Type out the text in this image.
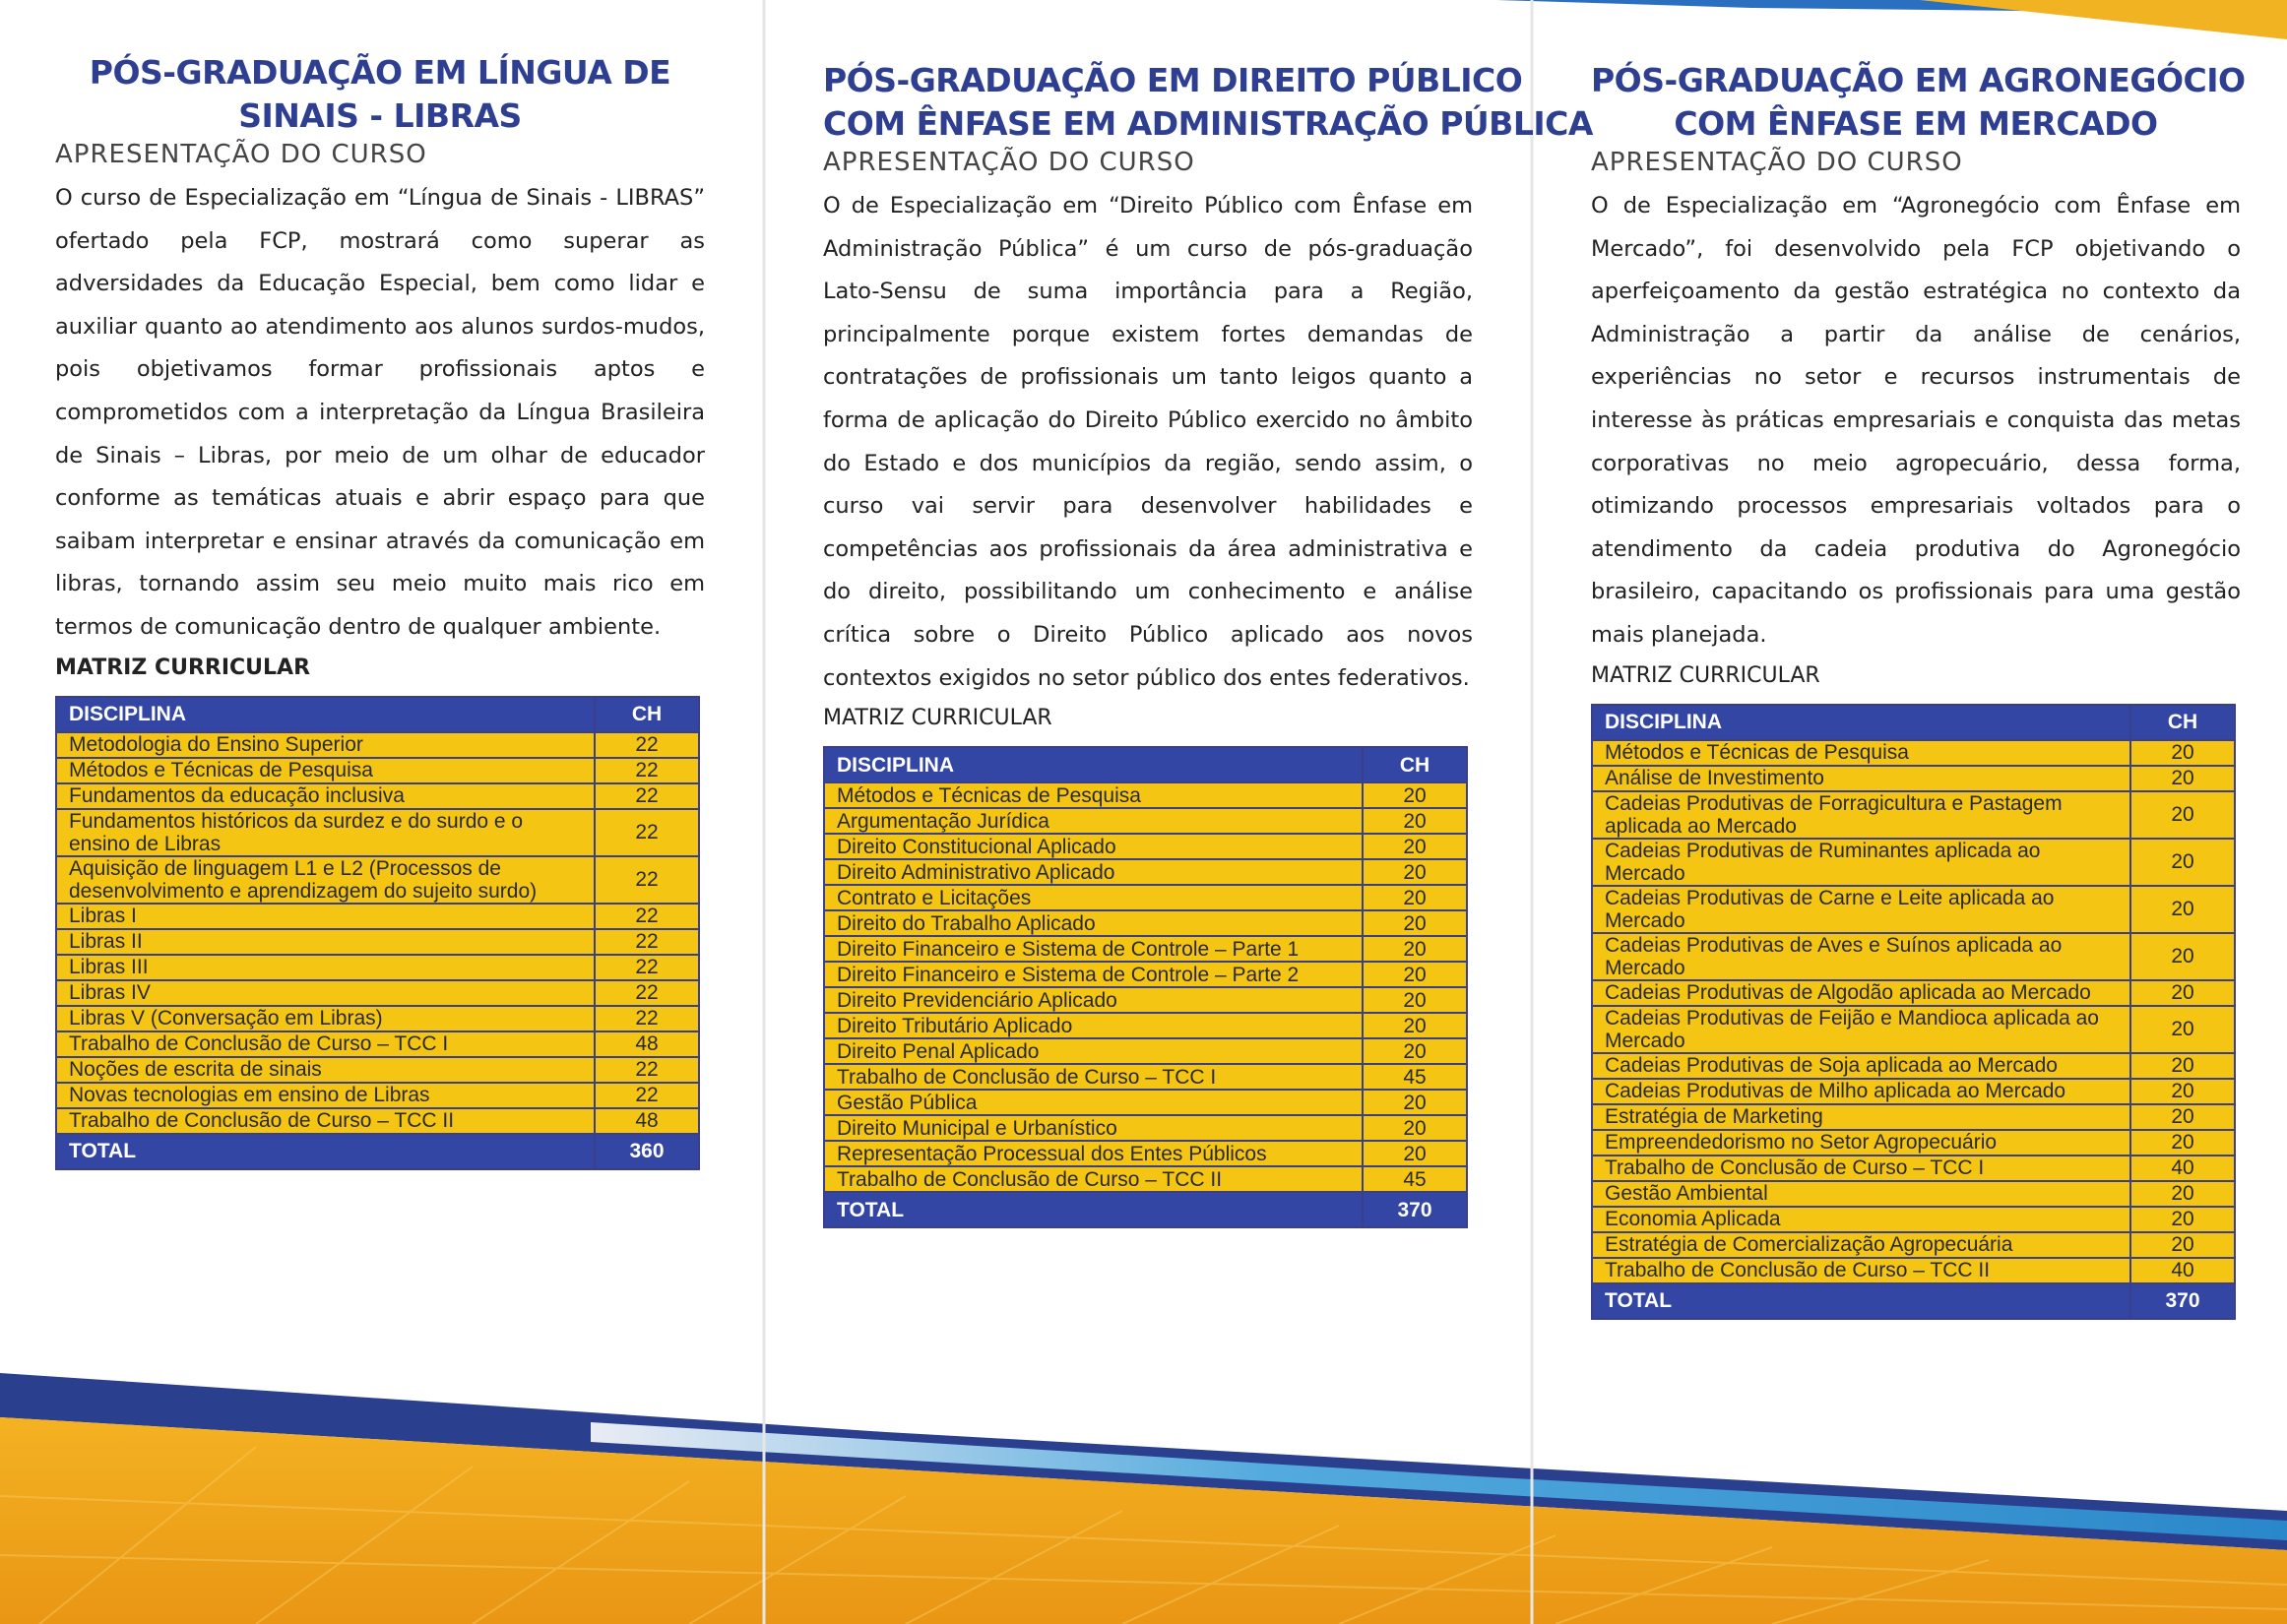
PÓS-GRADUAÇÃO EM LÍNGUA DE
SINAIS - LIBRAS
APRESENTAÇÃO DO CURSO

O curso de Especialização em “Língua de Sinais - LIBRAS” ofertado pela FCP, mostrará como superar as adversidades da Educação Especial, bem como lidar e auxiliar quanto ao atendimento aos alunos surdos-mudos, pois objetivamos formar profissionais aptos e comprometidos com a interpretação da Língua Brasileira de Sinais – Libras, por meio de um olhar de educador conforme as temáticas atuais e abrir espaço para que saibam interpretar e ensinar através da comunicação em libras, tornando assim seu meio muito mais rico em termos de comunicação dentro de qualquer ambiente.

MATRIZ CURRICULAR
DISCIPLINA	CH
Metodologia do Ensino Superior	22
Métodos e Técnicas de Pesquisa	22
Fundamentos da educação inclusiva	22
Fundamentos históricos da surdez e do surdo e o ensino de Libras	22
Aquisição de linguagem L1 e L2 (Processos de desenvolvimento e aprendizagem do sujeito surdo)	22
Libras I	22
Libras II	22
Libras III	22
Libras IV	22
Libras V (Conversação em Libras)	22
Trabalho de Conclusão de Curso – TCC I	48
Noções de escrita de sinais	22
Novas tecnologias em ensino de Libras	22
Trabalho de Conclusão de Curso – TCC II	48
TOTAL	360
PÓS-GRADUAÇÃO EM DIREITO PÚBLICO
COM ÊNFASE EM ADMINISTRAÇÃO PÚBLICA
APRESENTAÇÃO DO CURSO

O de Especialização em “Direito Público com Ênfase em Administração Pública” é um curso de pós-graduação Lato-Sensu de suma importância para a Região, principalmente porque existem fortes demandas de contratações de profissionais um tanto leigos quanto a forma de aplicação do Direito Público exercido no âmbito do Estado e dos municípios da região, sendo assim, o curso vai servir para desenvolver habilidades e competências aos profissionais da área administrativa e do direito, possibilitando um conhecimento e análise crítica sobre o Direito Público aplicado aos novos contextos exigidos no setor público dos entes federativos.

MATRIZ CURRICULAR
DISCIPLINA	CH
Métodos e Técnicas de Pesquisa	20
Argumentação Jurídica	20
Direito Constitucional Aplicado	20
Direito Administrativo Aplicado	20
Contrato e Licitações	20
Direito do Trabalho Aplicado	20
Direito Financeiro e Sistema de Controle – Parte 1	20
Direito Financeiro e Sistema de Controle – Parte 2	20
Direito Previdenciário Aplicado	20
Direito Tributário Aplicado	20
Direito Penal Aplicado	20
Trabalho de Conclusão de Curso – TCC I	45
Gestão Pública	20
Direito Municipal e Urbanístico	20
Representação Processual dos Entes Públicos	20
Trabalho de Conclusão de Curso – TCC II	45
TOTAL	370
PÓS-GRADUAÇÃO EM AGRONEGÓCIO
COM ÊNFASE EM MERCADO
APRESENTAÇÃO DO CURSO

O de Especialização em “Agronegócio com Ênfase em Mercado”, foi desenvolvido pela FCP objetivando o aperfeiçoamento da gestão estratégica no contexto da Administração a partir da análise de cenários, experiências no setor e recursos instrumentais de interesse às práticas empresariais e conquista das metas corporativas no meio agropecuário, dessa forma, otimizando processos empresariais voltados para o atendimento da cadeia produtiva do Agronegócio brasileiro, capacitando os profissionais para uma gestão mais planejada.

MATRIZ CURRICULAR
DISCIPLINA	CH
Métodos e Técnicas de Pesquisa	20
Análise de Investimento	20
Cadeias Produtivas de Forragicultura e Pastagem aplicada ao Mercado	20
Cadeias Produtivas de Ruminantes aplicada ao Mercado	20
Cadeias Produtivas de Carne e Leite aplicada ao Mercado	20
Cadeias Produtivas de Aves e Suínos aplicada ao Mercado	20
Cadeias Produtivas de Algodão aplicada ao Mercado	20
Cadeias Produtivas de Feijão e Mandioca aplicada ao Mercado	20
Cadeias Produtivas de Soja aplicada ao Mercado	20
Cadeias Produtivas de Milho aplicada ao Mercado	20
Estratégia de Marketing	20
Empreendedorismo no Setor Agropecuário	20
Trabalho de Conclusão de Curso – TCC I	40
Gestão Ambiental	20
Economia Aplicada	20
Estratégia de Comercialização Agropecuária	20
Trabalho de Conclusão de Curso – TCC II	40
TOTAL	370
